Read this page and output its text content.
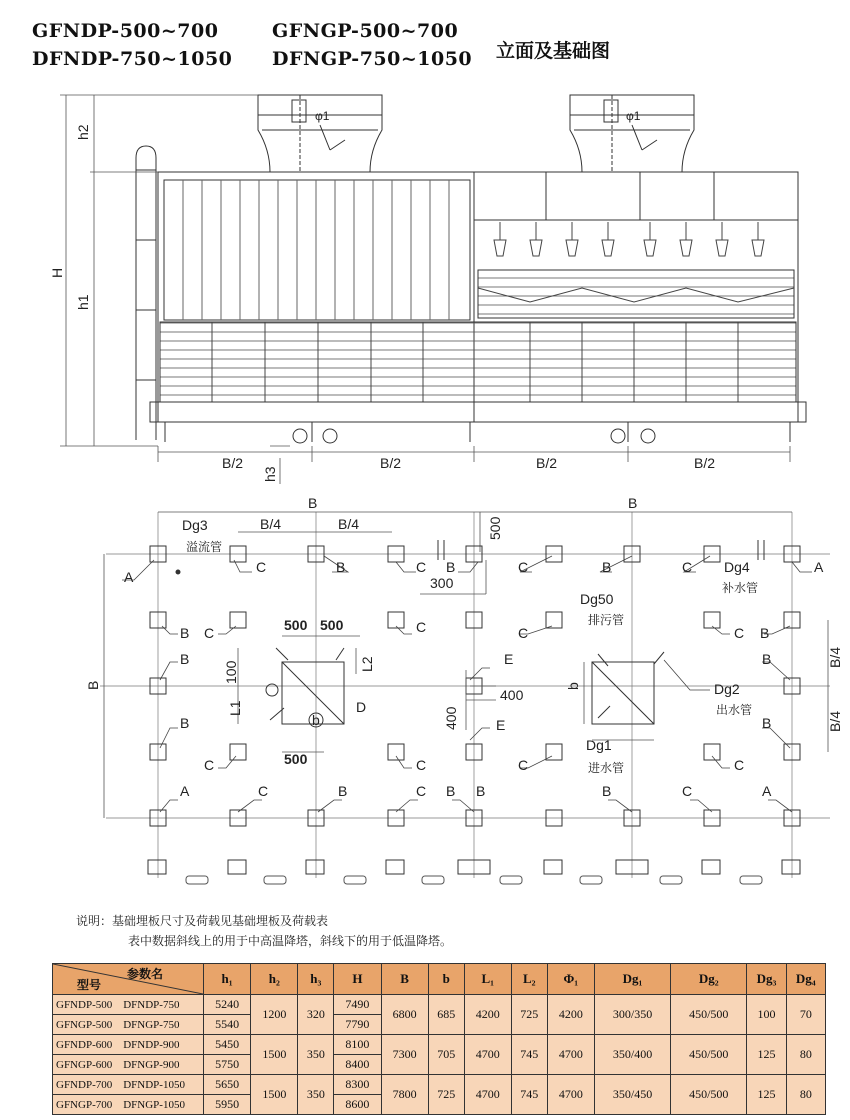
GFNDP-500~700	GFNGP-500~700
DFNDP-750~1050 DFNGP-750~1050 立面及基础图
φ1	φ1
h2
H
h1
h3
B/2	B/2	B/2	B/2
B	B
B/4	B/4
B
B/4
B/4
500
300
A
Dg3
溢流管
C	B	C B	C	B	C Dg4
补水管
A
B C	C	C	C B
Dg50
排污管
500 500
B
100	L2
L1	D
E
400
400	E
b
b
B
Dg2
出水管
B	B
Dg1
进水管
500
C	C	C	C
A	C	B	C B B	B	C	A
说明：基础埋板尺寸及荷载见基础埋板及荷载表
表中数据斜线上的用于中高温降塔，斜线下的用于低温降塔。
参数名
型号	h₁	h₂	h₃	H	B	b	L₁	L₂	Φ₁	Dg₁	Dg₂	Dg₃	Dg₄
GFNDP-500 DFNDP-750	5240	1200	320	7490	6800	685	4200	725	4200	300/350	450/500	100	70
GFNGP-500 DFNGP-750	5540			7790									
GFNDP-600 DFNDP-900	5450	1500	350	8100	7300	705	4700	745	4700	350/400	450/500	125	80
GFNGP-600 DFNGP-900	5750			8400									
GFNDP-700 DFNDP-1050	5650	1500	350	8300	7800	725	4700	745	4700	350/450	450/500	125	80
GFNGP-700 DFNGP-1050	5950			8600									
